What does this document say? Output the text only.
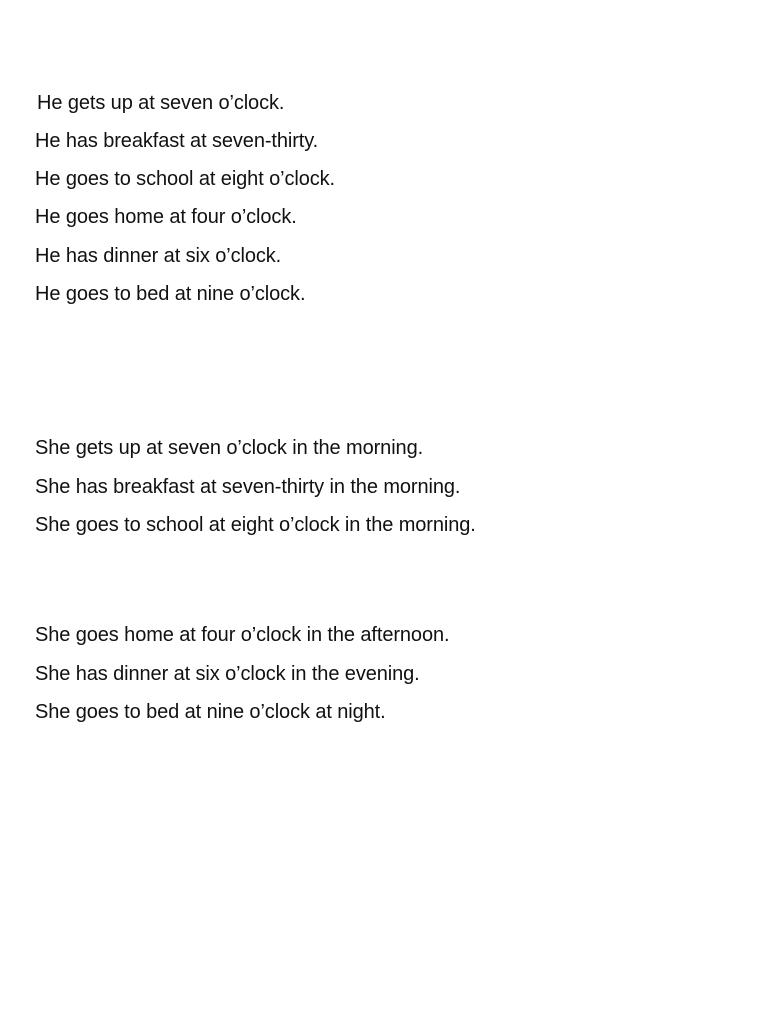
He gets up at seven o’clock.
He has breakfast at seven-thirty.
He goes to school at eight o’clock.
He goes home at four o’clock.
He has dinner at six o’clock.
He goes to bed at nine o’clock.
She gets up at seven o’clock in the morning.
She has breakfast at seven-thirty in the morning.
She goes to school at eight o’clock in the morning.
She goes home at four o’clock in the afternoon.
She has dinner at six o’clock in the evening.
She goes to bed at nine o’clock at night.
